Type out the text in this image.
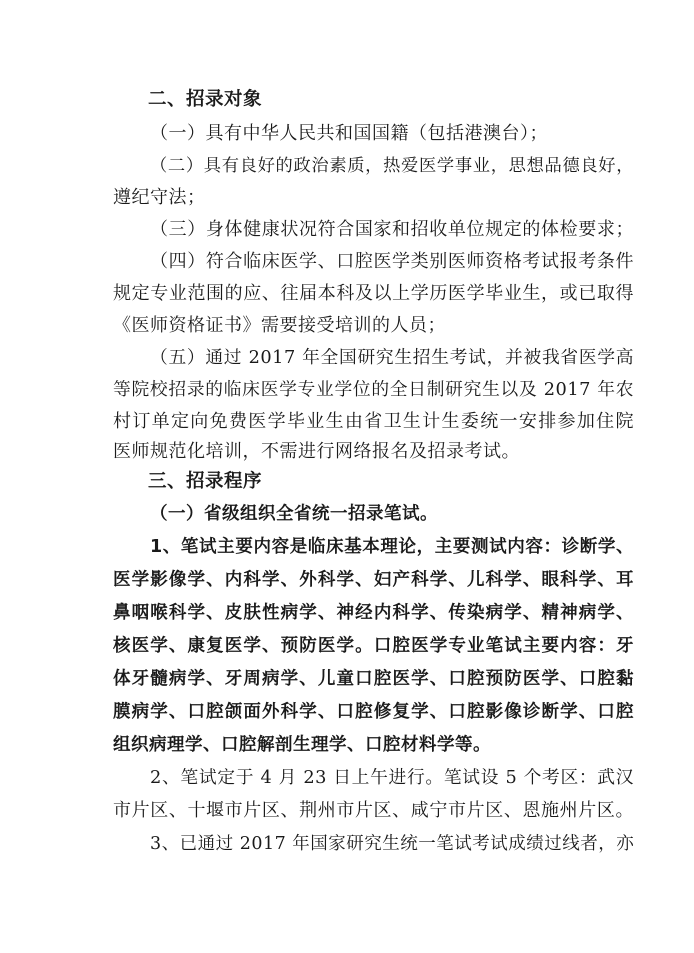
二、招录对象
（一）具有中华人民共和国国籍（包括港澳台）；
（二）具有良好的政治素质，热爱医学事业，思想品德良好，
遵纪守法；
（三）身体健康状况符合国家和招收单位规定的体检要求；
（四）符合临床医学、口腔医学类别医师资格考试报考条件
规定专业范围的应、往届本科及以上学历医学毕业生，或已取得
《医师资格证书》需要接受培训的人员；
（五）通过 2017 年全国研究生招生考试，并被我省医学高
等院校招录的临床医学专业学位的全日制研究生以及 2017 年农
村订单定向免费医学毕业生由省卫生计生委统一安排参加住院
医师规范化培训，不需进行网络报名及招录考试。
三、招录程序
（一）省级组织全省统一招录笔试。
1、笔试主要内容是临床基本理论，主要测试内容：诊断学、
医学影像学、内科学、外科学、妇产科学、儿科学、眼科学、耳
鼻咽喉科学、皮肤性病学、神经内科学、传染病学、精神病学、
核医学、康复医学、预防医学。口腔医学专业笔试主要内容：牙
体牙髓病学、牙周病学、儿童口腔医学、口腔预防医学、口腔黏
膜病学、口腔颌面外科学、口腔修复学、口腔影像诊断学、口腔
组织病理学、口腔解剖生理学、口腔材料学等。
2、笔试定于 4 月 23 日上午进行。笔试设 5 个考区：武汉
市片区、十堰市片区、荆州市片区、咸宁市片区、恩施州片区。
3、已通过 2017 年国家研究生统一笔试考试成绩过线者，亦
